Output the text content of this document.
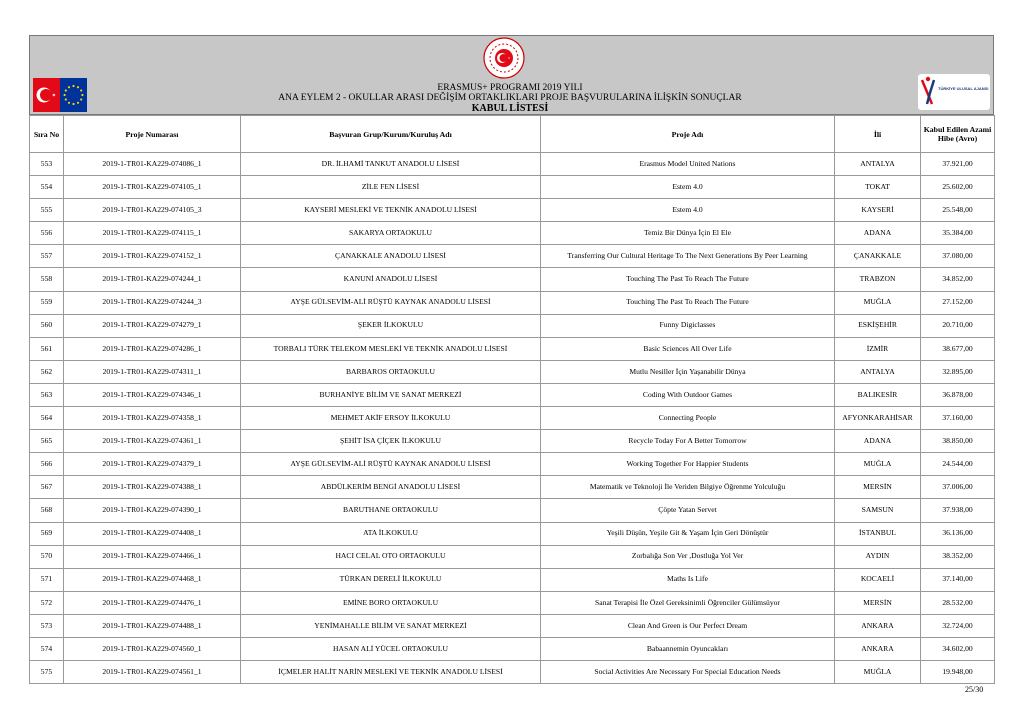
TÜRKİYE ULUSAL AJANSI
ERASMUS+ PROGRAMI 2019 YILI
ANA EYLEM 2 - OKULLAR ARASI DEĞİŞİM ORTAKLIKLARI PROJE BAŞVURULARINA İLİŞKİN SONUÇLAR
KABUL LİSTESİ
Sıra No	Proje Numarası	Başvuran Grup/Kurum/Kuruluş Adı	Proje Adı	İli	Kabul Edilen Azami Hibe (Avro)
553	2019-1-TR01-KA229-074086_1	DR. İLHAMİ TANKUT ANADOLU LİSESİ	Erasmus Model United Nations	ANTALYA	37.921,00
554	2019-1-TR01-KA229-074105_1	ZİLE FEN LİSESİ	Estem 4.0	TOKAT	25.602,00
555	2019-1-TR01-KA229-074105_3	KAYSERİ MESLEKİ VE TEKNİK ANADOLU LİSESİ	Estem 4.0	KAYSERİ	25.548,00
556	2019-1-TR01-KA229-074115_1	SAKARYA ORTAOKULU	Temiz Bir Dünya İçin El Ele	ADANA	35.384,00
557	2019-1-TR01-KA229-074152_1	ÇANAKKALE ANADOLU LİSESİ	Transferring Our Cultural Heritage To The Next Generations By Peer Learning	ÇANAKKALE	37.080,00
558	2019-1-TR01-KA229-074244_1	KANUNİ ANADOLU LİSESİ	Touching The Past To Reach The Future	TRABZON	34.852,00
559	2019-1-TR01-KA229-074244_3	AYŞE GÜLSEVİM-ALİ RÜŞTÜ KAYNAK ANADOLU LİSESİ	Touching The Past To Reach The Future	MUĞLA	27.152,00
560	2019-1-TR01-KA229-074279_1	ŞEKER İLKOKULU	Funny Digiclasses	ESKİŞEHİR	20.710,00
561	2019-1-TR01-KA229-074286_1	TORBALI TÜRK TELEKOM MESLEKİ VE TEKNİK ANADOLU LİSESİ	Basic Sciences All Over Life	İZMİR	38.677,00
562	2019-1-TR01-KA229-074311_1	BARBAROS ORTAOKULU	Mutlu Nesiller İçin Yaşanabilir Dünya	ANTALYA	32.895,00
563	2019-1-TR01-KA229-074346_1	BURHANİYE BİLİM VE SANAT MERKEZİ	Coding With Outdoor Games	BALIKESİR	36.878,00
564	2019-1-TR01-KA229-074358_1	MEHMET AKİF ERSOY İLKOKULU	Connecting People	AFYONKARAHİSAR	37.160,00
565	2019-1-TR01-KA229-074361_1	ŞEHİT İSA ÇİÇEK İLKOKULU	Recycle Today For A Better Tomorrow	ADANA	38.850,00
566	2019-1-TR01-KA229-074379_1	AYŞE GÜLSEVİM-ALİ RÜŞTÜ KAYNAK ANADOLU LİSESİ	Working Together For Happier Students	MUĞLA	24.544,00
567	2019-1-TR01-KA229-074388_1	ABDÜLKERİM BENGİ ANADOLU LİSESİ	Matematik ve Teknoloji İle Veriden Bilgiye Öğrenme Yolculuğu	MERSİN	37.006,00
568	2019-1-TR01-KA229-074390_1	BARUTHANE ORTAOKULU	Çöpte Yatan Servet	SAMSUN	37.938,00
569	2019-1-TR01-KA229-074408_1	ATA İLKOKULU	Yeşili Düşün, Yeşile Git & Yaşam İçin Geri Dönüştür	İSTANBUL	36.136,00
570	2019-1-TR01-KA229-074466_1	HACI CELAL OTO ORTAOKULU	Zorbalığa Son Ver ,Dostluğa Yol Ver	AYDIN	38.352,00
571	2019-1-TR01-KA229-074468_1	TÜRKAN DERELİ İLKOKULU	Maths Is Life	KOCAELİ	37.140,00
572	2019-1-TR01-KA229-074476_1	EMİNE BORO ORTAOKULU	Sanat Terapisi İle Özel Gereksinimli Öğrenciler Gülümsüyor	MERSİN	28.532,00
573	2019-1-TR01-KA229-074488_1	YENİMAHALLE BİLİM VE SANAT MERKEZİ	Clean And Green is Our Perfect Dream	ANKARA	32.724,00
574	2019-1-TR01-KA229-074560_1	HASAN ALİ YÜCEL ORTAOKULU	Babaannemin Oyuncakları	ANKARA	34.602,00
575	2019-1-TR01-KA229-074561_1	İÇMELER HALİT NARİN MESLEKİ VE TEKNİK ANADOLU LİSESİ	Social Activities Are Necessary For Special Education Needs	MUĞLA	19.948,00
25/30
